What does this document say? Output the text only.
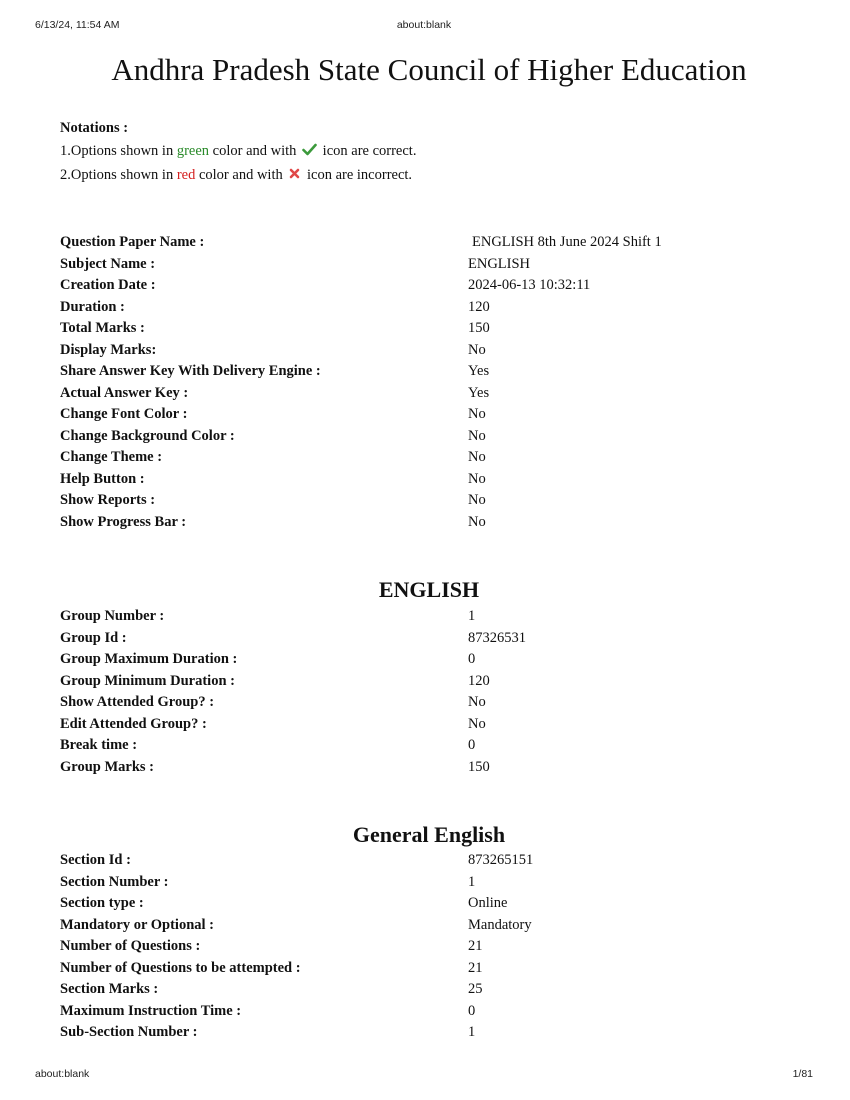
6/13/24, 11:54 AM	about:blank
Andhra Pradesh State Council of Higher Education
Notations :
1.Options shown in green color and with  icon are correct.
2.Options shown in red color and with  icon are incorrect.
Question Paper Name :	ENGLISH 8th June 2024 Shift 1
Subject Name :	ENGLISH
Creation Date :	2024-06-13 10:32:11
Duration :	120
Total Marks :	150
Display Marks:	No
Share Answer Key With Delivery Engine :	Yes
Actual Answer Key :	Yes
Change Font Color :	No
Change Background Color :	No
Change Theme :	No
Help Button :	No
Show Reports :	No
Show Progress Bar :	No
ENGLISH
Group Number :	1
Group Id :	87326531
Group Maximum Duration :	0
Group Minimum Duration :	120
Show Attended Group? :	No
Edit Attended Group? :	No
Break time :	0
Group Marks :	150
General English
Section Id :	873265151
Section Number :	1
Section type :	Online
Mandatory or Optional :	Mandatory
Number of Questions :	21
Number of Questions to be attempted :	21
Section Marks :	25
Maximum Instruction Time :	0
Sub-Section Number :	1
about:blank	1/81
